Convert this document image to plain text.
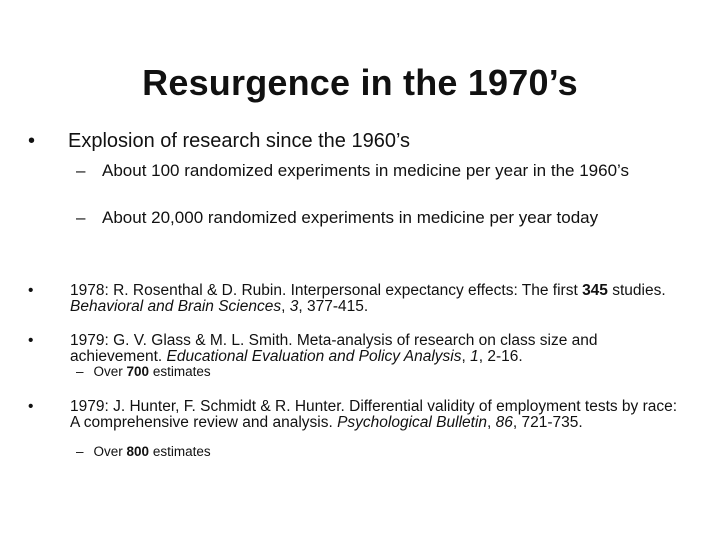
Resurgence in the 1970’s
• Explosion of research since the 1960’s
– About 100 randomized experiments in medicine per year in the 1960’s
– About 20,000 randomized experiments in medicine per year today
• 1978: R. Rosenthal & D. Rubin. Interpersonal expectancy effects: The first 345 studies. Behavioral and Brain Sciences, 3, 377-415.
• 1979: G. V. Glass & M. L. Smith. Meta-analysis of research on class size and achievement. Educational Evaluation and Policy Analysis, 1, 2-16.
– Over 700 estimates
• 1979: J. Hunter, F. Schmidt & R. Hunter. Differential validity of employment tests by race: A comprehensive review and analysis. Psychological Bulletin, 86, 721-735.
– Over 800 estimates
